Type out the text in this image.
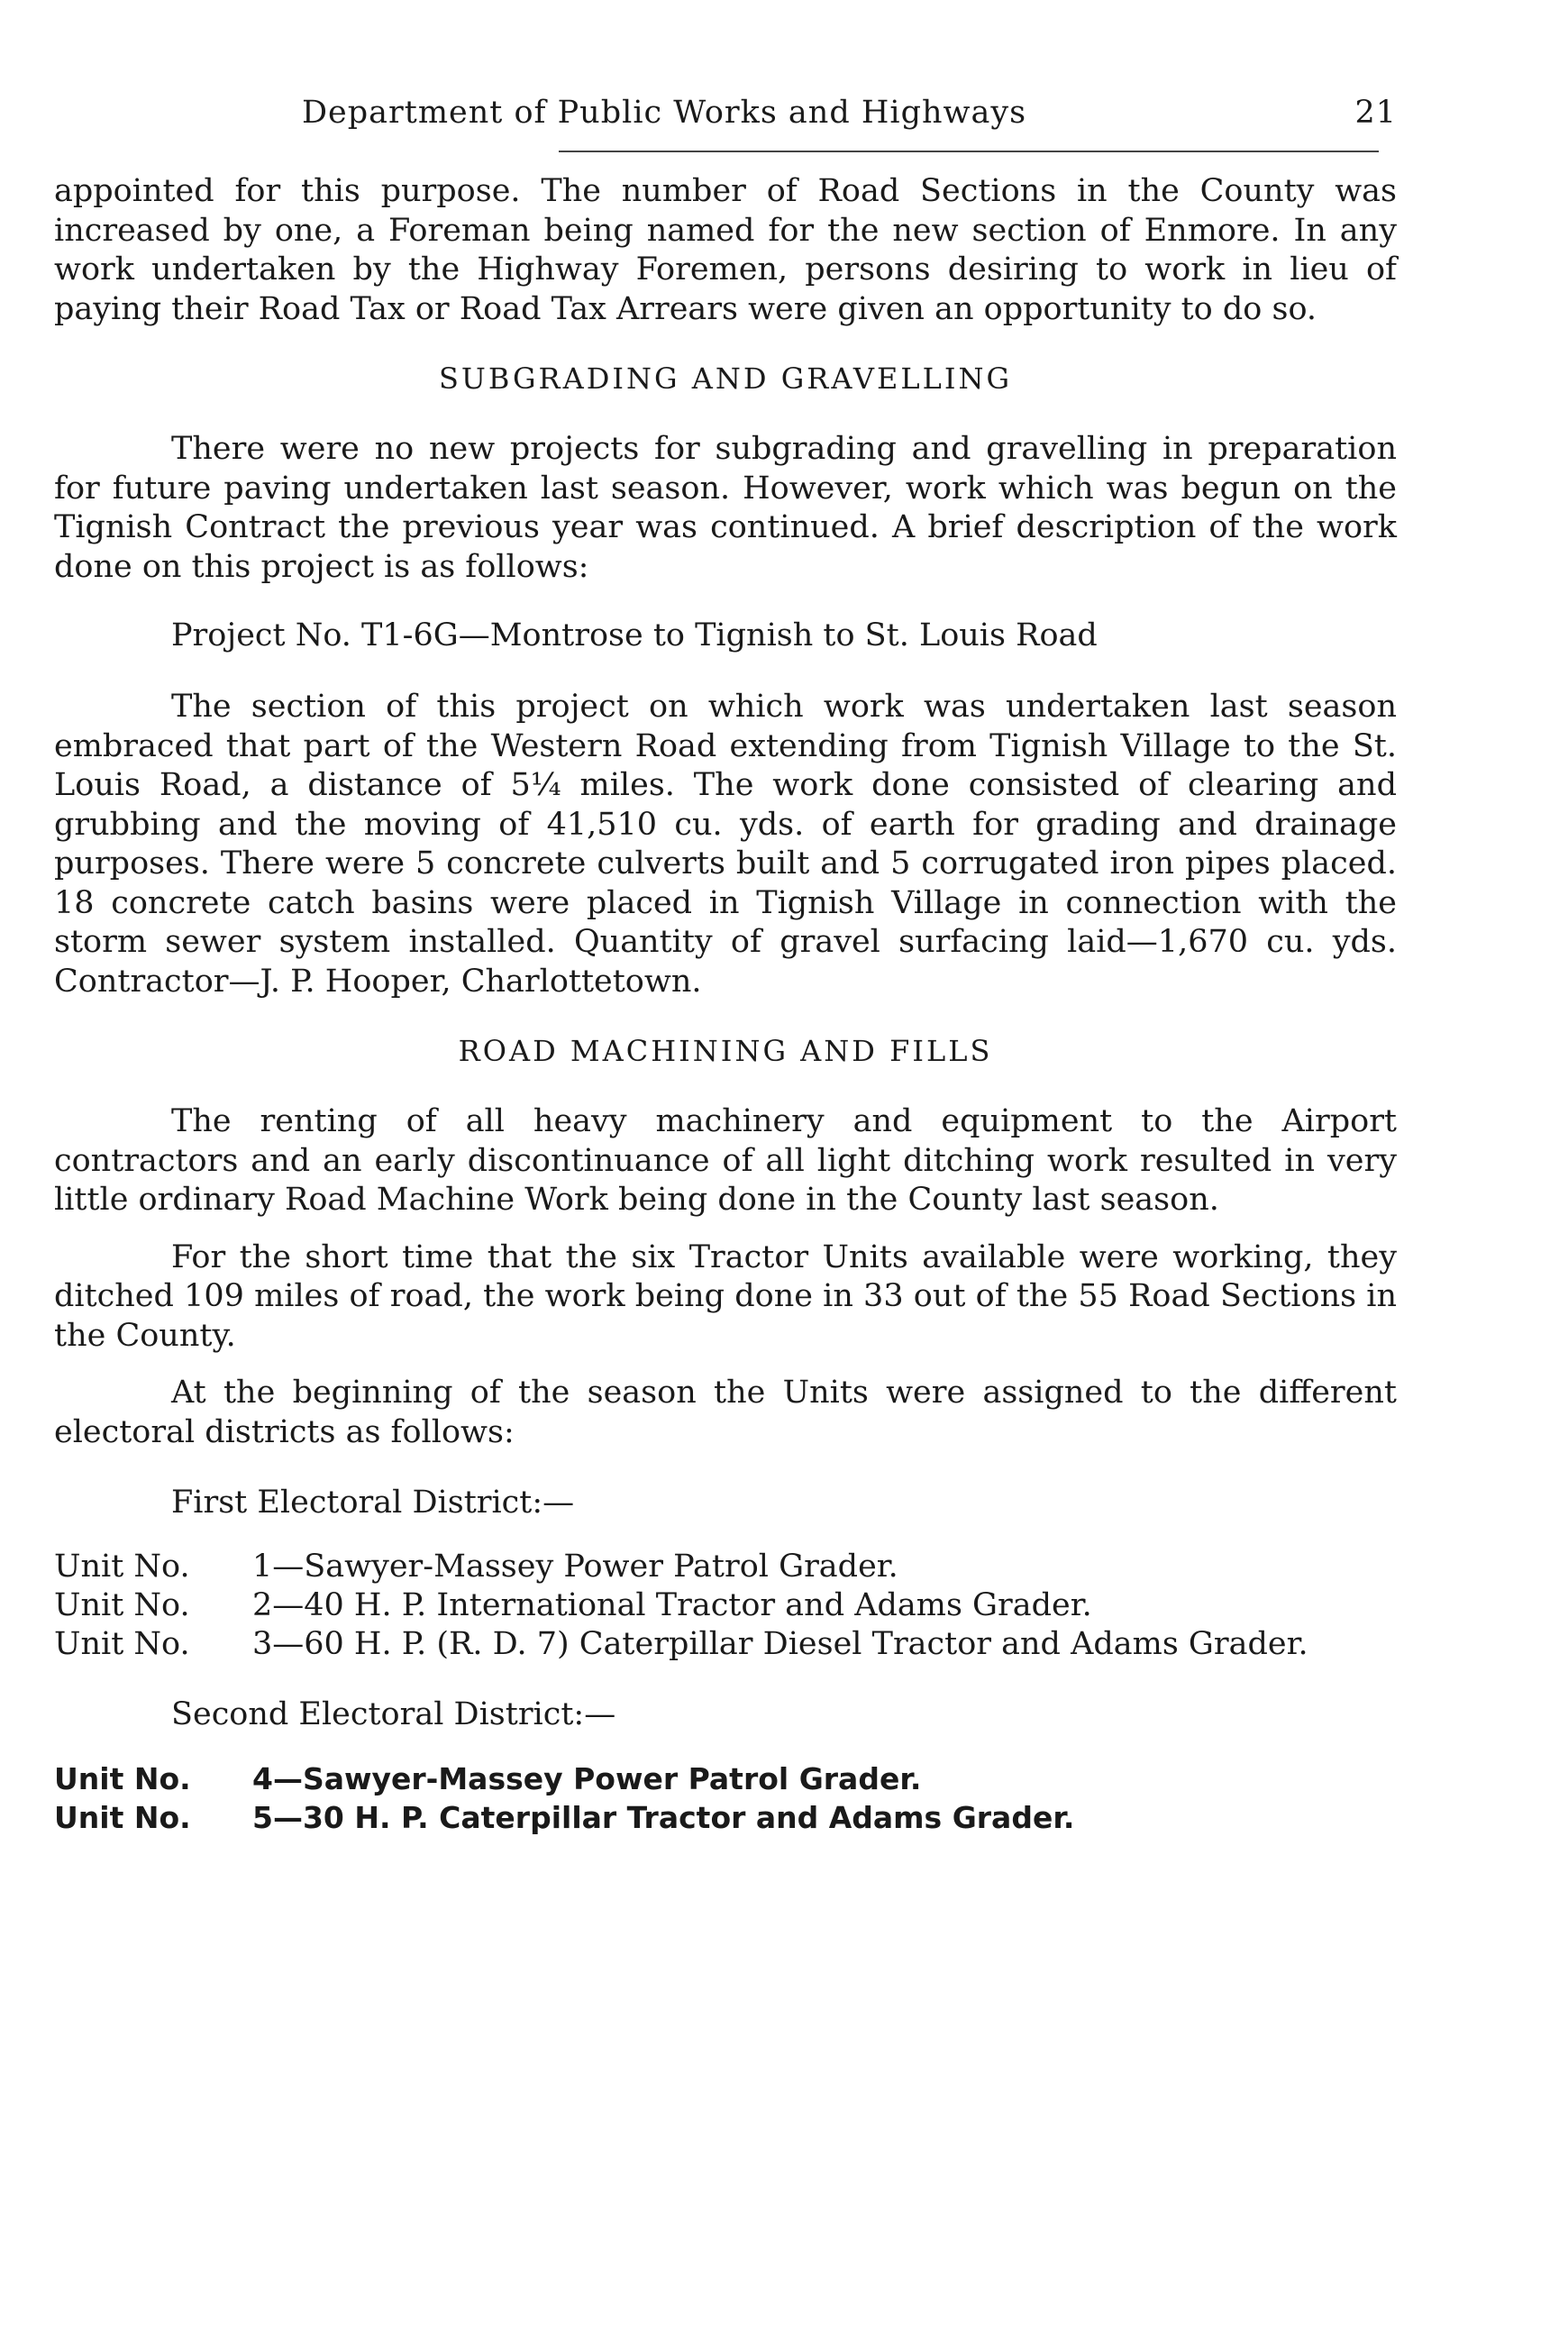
Department of Public Works and Highways	21

appointed for this purpose. The number of Road Sections in the County was increased by one, a Foreman being named for the new section of Enmore. In any work undertaken by the Highway Foremen, persons desiring to work in lieu of paying their Road Tax or Road Tax Arrears were given an opportunity to do so.

SUBGRADING AND GRAVELLING

There were no new projects for subgrading and gravelling in preparation for future paving undertaken last season. However, work which was begun on the Tignish Contract the previous year was continued. A brief description of the work done on this project is as follows:

Project No. T1-6G—Montrose to Tignish to St. Louis Road

The section of this project on which work was undertaken last season embraced that part of the Western Road extending from Tignish Village to the St. Louis Road, a distance of 5¼ miles. The work done consisted of clearing and grubbing and the moving of 41,510 cu. yds. of earth for grading and drainage purposes. There were 5 concrete culverts built and 5 corrugated iron pipes placed. 18 concrete catch basins were placed in Tignish Village in connection with the storm sewer system installed. Quantity of gravel surfacing laid—1,670 cu. yds. Contractor—J. P. Hooper, Charlottetown.

ROAD MACHINING AND FILLS

The renting of all heavy machinery and equipment to the Airport contractors and an early discontinuance of all light ditching work resulted in very little ordinary Road Machine Work being done in the County last season.

For the short time that the six Tractor Units available were working, they ditched 109 miles of road, the work being done in 33 out of the 55 Road Sections in the County.

At the beginning of the season the Units were assigned to the different electoral districts as follows:

First Electoral District:—
Unit No.	1—Sawyer-Massey Power Patrol Grader.
Unit No.	2—40 H. P. International Tractor and Adams Grader.
Unit No.	3—60 H. P. (R. D. 7) Caterpillar Diesel Tractor and Adams Grader.
Second Electoral District:—
Unit No.	4—Sawyer-Massey Power Patrol Grader.
Unit No.	5—30 H. P. Caterpillar Tractor and Adams Grader.
